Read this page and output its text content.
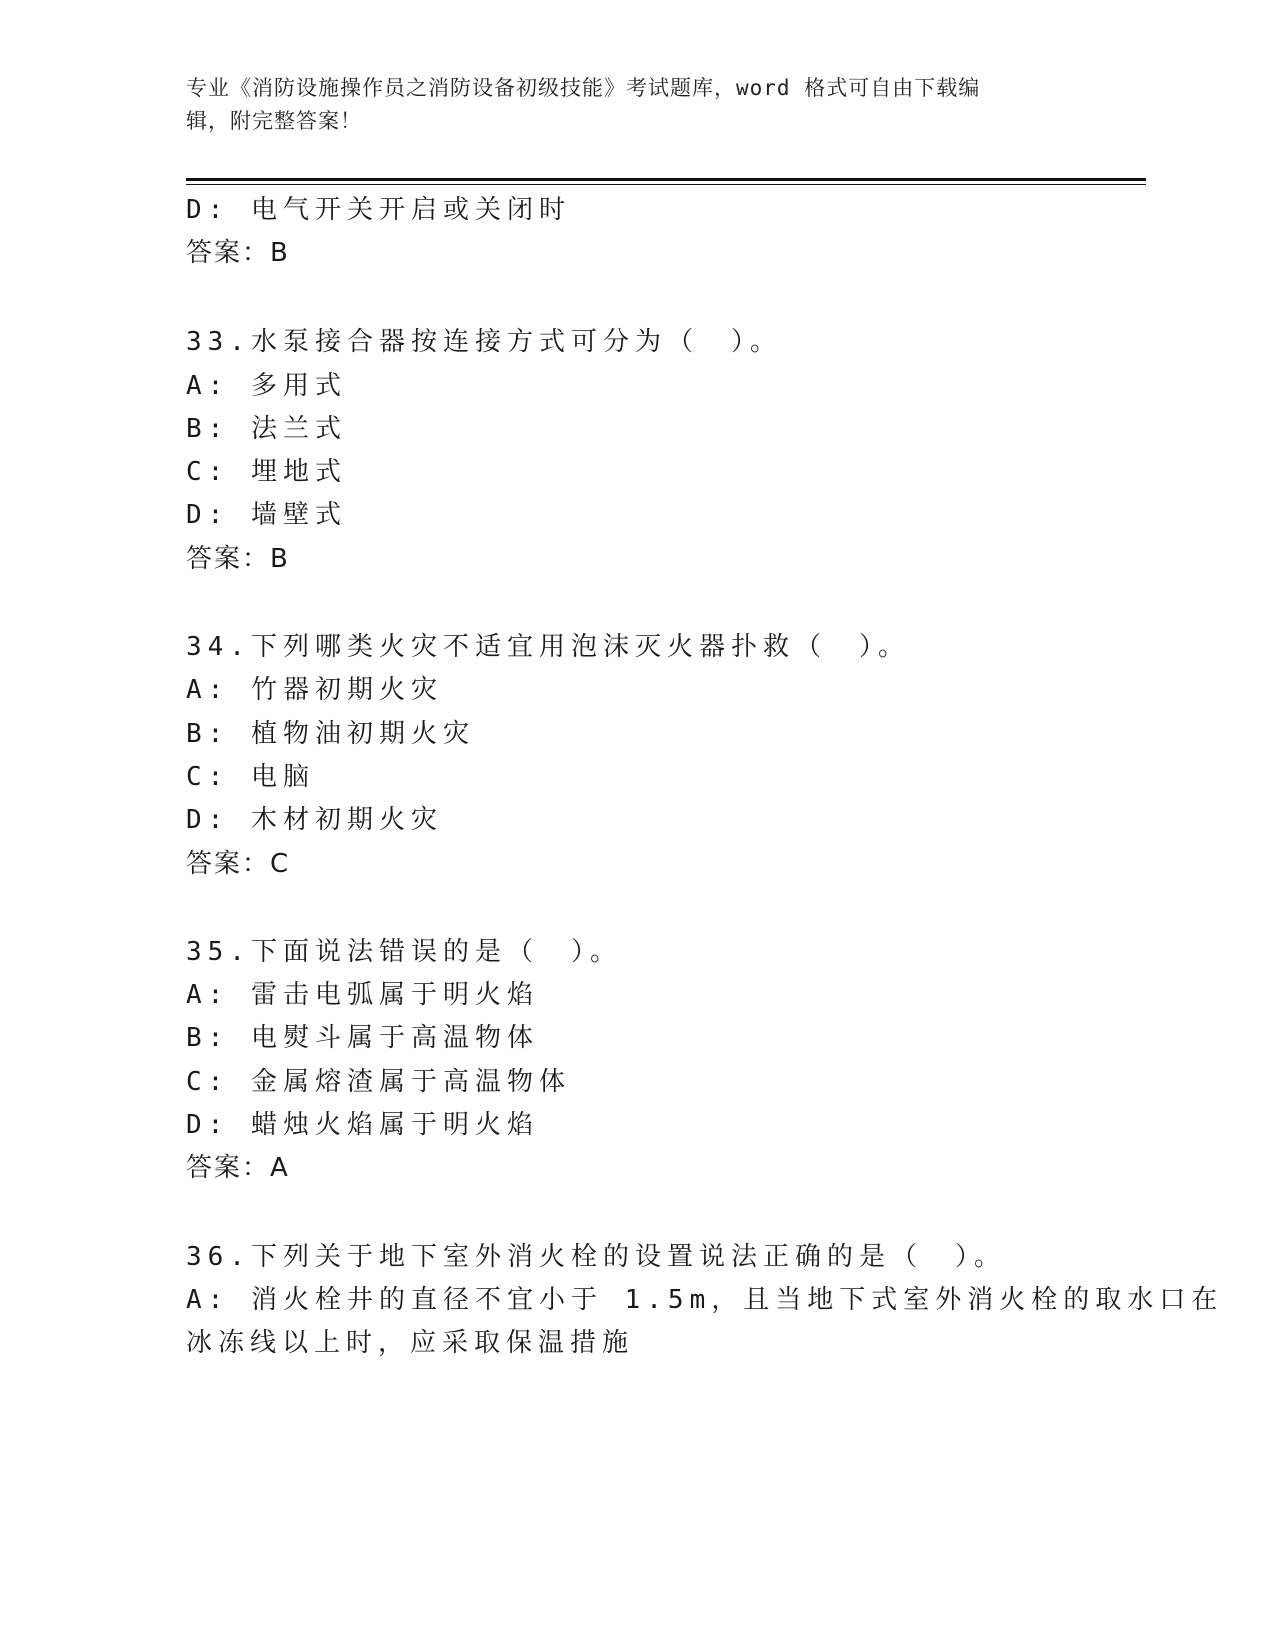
专业《消防设施操作员之消防设备初级技能》考试题库，word 格式可自由下载编
辑，附完整答案！
D: 电气开关开启或关闭时
答案：B
33.水泵接合器按连接方式可分为（　）。
A: 多用式
B: 法兰式
C: 埋地式
D: 墙壁式
答案：B
34.下列哪类火灾不适宜用泡沫灭火器扑救（　）。
A: 竹器初期火灾
B: 植物油初期火灾
C: 电脑
D: 木材初期火灾
答案：C
35.下面说法错误的是（　）。
A: 雷击电弧属于明火焰
B: 电熨斗属于高温物体
C: 金属熔渣属于高温物体
D: 蜡烛火焰属于明火焰
答案：A
36.下列关于地下室外消火栓的设置说法正确的是（　）。
A: 消火栓井的直径不宜小于 1.5m，且当地下式室外消火栓的取水口在
冰冻线以上时，应采取保温措施
